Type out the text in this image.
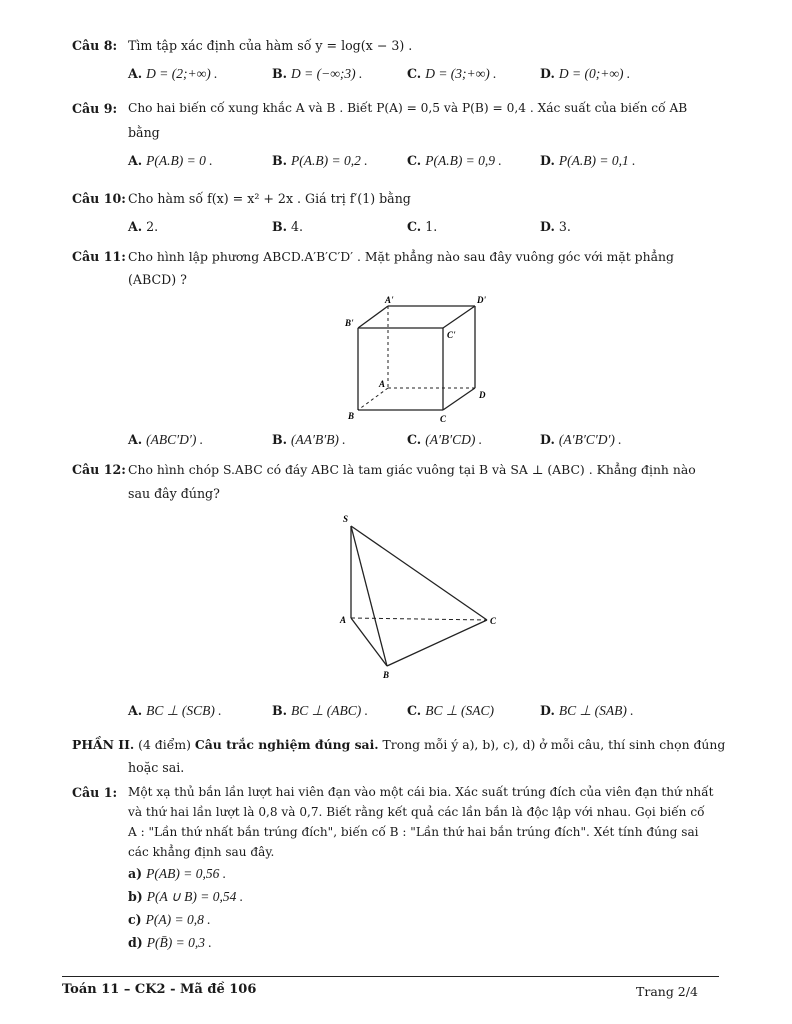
Câu 8: Tìm tập xác định của hàm số y = log(x − 3) .
A. D = (2;+∞) .	B. D = (−∞;3) .	C. D = (3;+∞) .	D. D = (0;+∞) .
Câu 9: Cho hai biến cố xung khắc A và B . Biết P(A) = 0,5 và P(B) = 0,4 . Xác suất của biến cố AB
bằng
A. P(A.B) = 0 .	B. P(A.B) = 0,2 .	C. P(A.B) = 0,9 .	D. P(A.B) = 0,1 .
Câu 10: Cho hàm số f(x) = x² + 2x . Giá trị f′(1) bằng
A. 2.	B. 4.	C. 1.	D. 3.
Câu 11: Cho hình lập phương ABCD.A′B′C′D′ . Mặt phẳng nào sau đây vuông góc với mặt phẳng
(ABCD) ?
A'	D'
B'
C'
A
D
B	C
A. (ABC′D′) .	B. (AA′B′B) .	C. (A′B′CD) .	D. (A′B′C′D′) .
Câu 12: Cho hình chóp S.ABC có đáy ABC là tam giác vuông tại B và SA ⊥ (ABC) . Khẳng định nào
sau đây đúng?
S
A	C
B
A. BC ⊥ (SCB) .	B. BC ⊥ (ABC) .	C. BC ⊥ (SAC)	D. BC ⊥ (SAB) .
PHẦN II. (4 điểm) Câu trắc nghiệm đúng sai. Trong mỗi ý a), b), c), d) ở mỗi câu, thí sinh chọn đúng
hoặc sai.
Câu 1: Một xạ thủ bắn lần lượt hai viên đạn vào một cái bia. Xác suất trúng đích của viên đạn thứ nhất
và thứ hai lần lượt là 0,8 và 0,7. Biết rằng kết quả các lần bắn là độc lập với nhau. Gọi biến cố
A : "Lần thứ nhất bắn trúng đích", biến cố B : "Lần thứ hai bắn trúng đích". Xét tính đúng sai
các khẳng định sau đây.
a) P(AB) = 0,56 .
b) P(A ∪ B) = 0,54 .
c) P(A) = 0,8 .
d) P(B̄) = 0,3 .
Toán 11 – CK2 - Mã đề 106	Trang 2/4
